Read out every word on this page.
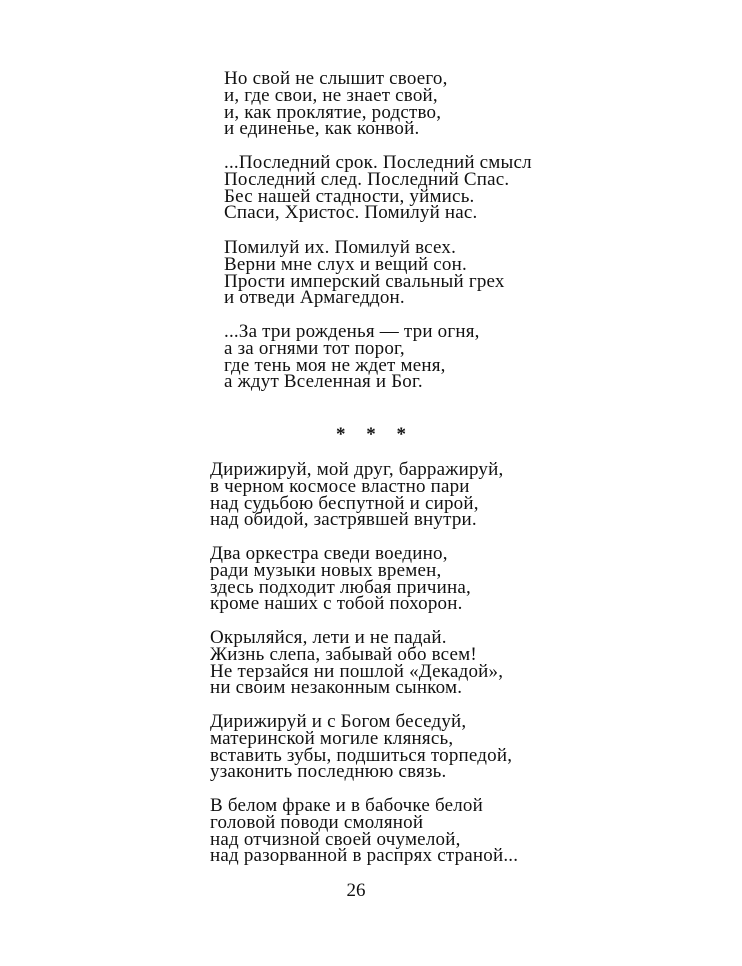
Но свой не слышит своего,
и, где свои, не знает свой,
и, как проклятие, родство,
и единенье, как конвой.
...Последний срок. Последний смысл
Последний след. Последний Спас.
Бес нашей стадности, уймись.
Спаси, Христос. Помилуй нас.
Помилуй их. Помилуй всех.
Верни мне слух и вещий сон.
Прости имперский свальный грех
и отведи Армагеддон.
...За три рожденья — три огня,
а за огнями тот порог,
где тень моя не ждет меня,
а ждут Вселенная и Бог.
* * *
Дирижируй, мой друг, барражируй,
в черном космосе властно пари
над судьбою беспутной и сирой,
над обидой, застрявшей внутри.
Два оркестра сведи воедино,
ради музыки новых времен,
здесь подходит любая причина,
кроме наших с тобой похорон.
Окрыляйся, лети и не падай.
Жизнь слепа, забывай обо всем!
Не терзайся ни пошлой «Декадой»,
ни своим незаконным сынком.
Дирижируй и с Богом беседуй,
материнской могиле клянясь,
вставить зубы, подшиться торпедой,
узаконить последнюю связь.
В белом фраке и в бабочке белой
головой поводи смоляной
над отчизной своей очумелой,
над разорванной в распрях страной...
26
